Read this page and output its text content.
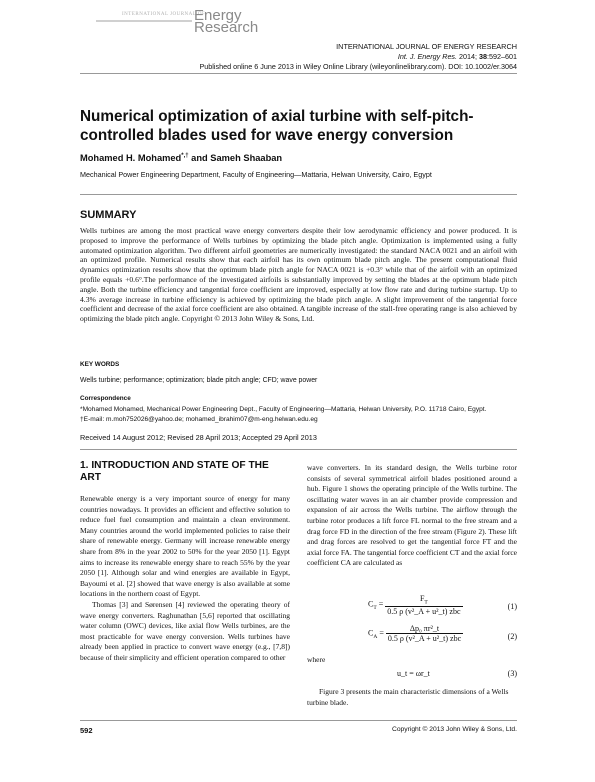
INTERNATIONAL JOURNAL OF
Energy
Research
INTERNATIONAL JOURNAL OF ENERGY RESEARCH
Int. J. Energy Res. 2014; 38:592–601
Published online 6 June 2013 in Wiley Online Library (wileyonlinelibrary.com). DOI: 10.1002/er.3064
Numerical optimization of axial turbine with self-pitch-controlled blades used for wave energy conversion
Mohamed H. Mohamed*,† and Sameh Shaaban
Mechanical Power Engineering Department, Faculty of Engineering—Mattaria, Helwan University, Cairo, Egypt
SUMMARY
Wells turbines are among the most practical wave energy converters despite their low aerodynamic efficiency and power produced. It is proposed to improve the performance of Wells turbines by optimizing the blade pitch angle. Optimization is implemented using a fully automated optimization algorithm. Two different airfoil geometries are numerically investigated: the standard NACA 0021 and an airfoil with an optimized profile. Numerical results show that each airfoil has its own optimum blade pitch angle. The present computational fluid dynamics optimization results show that the optimum blade pitch angle for NACA 0021 is +0.3° while that of the airfoil with an optimized profile equals +0.6°.The performance of the investigated airfoils is substantially improved by setting the blades at the optimum blade pitch angle. Both the turbine efficiency and tangential force coefficient are improved, especially at low flow rate and during turbine startup. Up to 4.3% average increase in turbine efficiency is achieved by optimizing the blade pitch angle. A slight improvement of the tangential force coefficient and decrease of the axial force coefficient are also obtained. A tangible increase of the stall-free operating range is also achieved by optimizing the blade pitch angle. Copyright © 2013 John Wiley & Sons, Ltd.
KEY WORDS
Wells turbine; performance; optimization; blade pitch angle; CFD; wave power
Correspondence
*Mohamed Mohamed, Mechanical Power Engineering Dept., Faculty of Engineering—Mattaria, Helwan University, P.O. 11718 Cairo, Egypt.
†E-mail: m.moh752026@yahoo.de; mohamed_ibrahim07@m-eng.helwan.edu.eg
Received 14 August 2012; Revised 28 April 2013; Accepted 29 April 2013
1. INTRODUCTION AND STATE OF THE ART

Renewable energy is a very important source of energy for many countries nowadays. It provides an efficient and effective solution to reduce fuel fuel consumption and maintain a clean environment. Many countries around the world implemented policies to raise their share of renewable energy. Germany will increase renewable energy share from 8% in the year 2002 to 50% for the year 2050 [1]. Egypt aims to increase its renewable energy share to reach 55% by the year 2050 [1]. Although solar and wind energies are available in Egypt, Bayoumi et al. [2] showed that wave energy is also available at some locations in the northern coast of Egypt.

Thomas [3] and Sørensen [4] reviewed the operating theory of wave energy converters. Raghunathan [5,6] reported that oscillating water column (OWC) devices, like axial flow Wells turbines, are the most practicable for wave energy conversion. Wells turbines have already been applied in practice to convert wave energy (e.g., [7,8]) because of their simplicity and efficient operation compared to other

wave converters. In its standard design, the Wells turbine rotor consists of several symmetrical airfoil blades positioned around a hub. Figure 1 shows the operating principle of the Wells turbine. The oscillating water waves in an air chamber provide compression and expansion of air across the Wells turbine. The airflow through the turbine rotor produces a lift force FL normal to the free stream and a drag force FD in the direction of the free stream (Figure 2). These lift and drag forces are resolved to get the tangential force FT and the axial force FA. The tangential force coefficient CT and the axial force coefficient CA are calculated as

$C_T = \frac{F_T}{\text{0.5 ρ (v²\_A + u²\_t) zbc}}$	(1)
$C_A = \frac{\text{Δp₀ πr²\_t}}{\text{0.5 ρ (v²\_A + u²\_t) zbc}}$	(2)
where
u_t = ωr_t	(3)
Figure 3 presents the main characteristic dimensions of a Wells turbine blade.
592	Copyright © 2013 John Wiley & Sons, Ltd.
